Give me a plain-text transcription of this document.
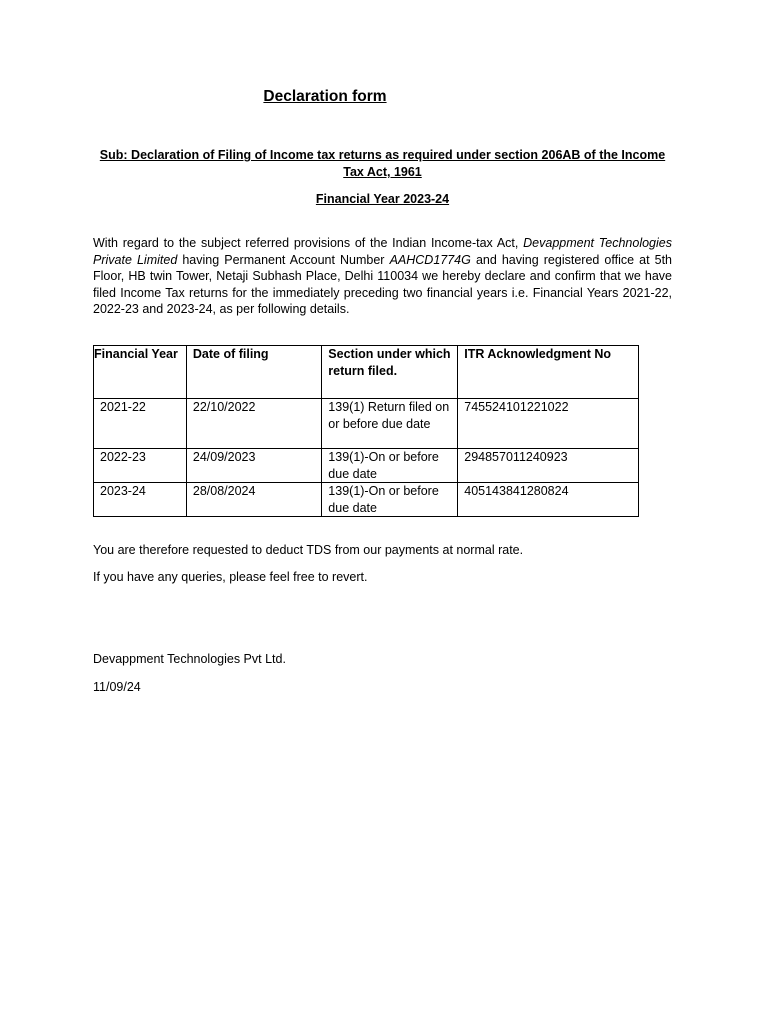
Declaration form
Sub: Declaration of Filing of Income tax returns as required under section 206AB of the Income Tax Act, 1961
Financial Year 2023-24
With regard to the subject referred provisions of the Indian Income-tax Act, Devappment Technologies Private Limited having Permanent Account Number AAHCD1774G and having registered office at 5th Floor, HB twin Tower, Netaji Subhash Place, Delhi 110034 we hereby declare and confirm that we have filed Income Tax returns for the immediately preceding two financial years i.e. Financial Years 2021-22, 2022-23 and 2023-24, as per following details.
Financial Year	Date of filing	Section under which return filed.	ITR Acknowledgment No
2021-22	22/10/2022	139(1) Return filed on or before due date	745524101221022
2022-23	24/09/2023	139(1)-On or before due date	294857011240923
2023-24	28/08/2024	139(1)-On or before due date	405143841280824
You are therefore requested to deduct TDS from our payments at normal rate.
If you have any queries, please feel free to revert.
Devappment Technologies Pvt Ltd.
11/09/24
